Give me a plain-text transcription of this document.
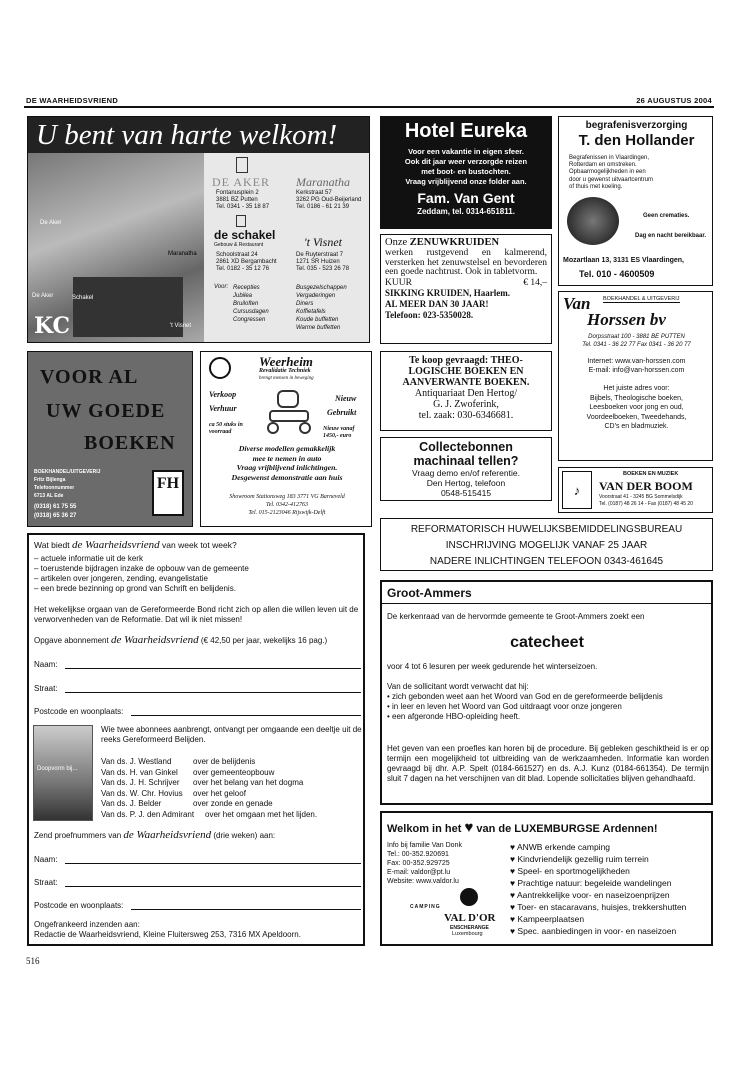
DE WAARHEIDSVRIEND	26 AUGUSTUS 2004
U bent van harte welkom!
De Aker
De Aker
Maranatha
Schakel
't Visnet
KC
DE AKER
Fontanusplein 2
3881 BZ Putten
Tel. 0341 - 35 18 87
Maranatha
Kerkstraat 57
3262 PG Oud-Beijerland
Tel. 0186 - 61 21 39
de schakel
Gebouw & Restaurant
Schoolstraat 24
2861 XD Bergambacht
Tel. 0182 - 35 12 76
't Visnet
De Ruyterstraat 7
1271 SR Huizen
Tel. 035 - 523 26 78
Voor: Recepties
Jubilea
Bruiloften
Cursusdagen
Congressen
Busgezelschappen
Vergaderingen
Diners
Koffietafels
Koude buffetten
Warme buffetten
Hotel Eureka
Voor een vakantie in eigen sfeer.
Ook dit jaar weer verzorgde reizen
met boot- en bustochten.
Vraag vrijblijvend onze folder aan.
Fam. Van Gent
Zeddam, tel. 0314-651811.
begrafenisverzorging
T. den Hollander
Begrafenissen in Vlaardingen,
Rotterdam en omstreken.
Opbaarmogelijkheden in een
door u gewenst uitvaartcentrum
of thuis met koeling.
Geen crematies.
Dag en nacht bereikbaar.
Mozartlaan 13, 3131 ES Vlaardingen,
Tel. 010 - 4600509
Onze ZENUWKRUIDEN
werken rustgevend en kalmerend, versterken het zenuwstelsel en bevorderen een goede nachtrust. Ook in tabletvorm.
KUUR	€ 14,–
SIKKING KRUIDEN, Haarlem.
AL MEER DAN 30 JAAR!
Telefoon: 023-5350028.
Van BOEKHANDEL & UITGEVERIJ
Horssen bv
Dorpsstraat 100 - 3881 BE PUTTEN
Tel. 0341 - 36 22 77 Fax 0341 - 36 20 77
Internet: www.van-horssen.com
E-mail: info@van-horssen.com
Het juiste adres voor:
Bijbels, Theologische boeken,
Leesboeken voor jong en oud,
Voordeelboeken, Tweedehands,
CD's en bladmuziek.
VOOR AL
UW GOEDE
BOEKEN
BOEKHANDEL/UITGEVERIJ
Fritz Bijlenga
Telefoonnummer
6713 AL Ede
(0318) 61 75 55
(0318) 65 36 27
FH
Weerheim
Revalidatie Techniek
brengt mensen in beweging
Verkoop
Verhuur
Nieuw
Gebruikt
ca 50 stuks in voorraad	Nieuw vanaf 1450,- euro
Diverse modellen gemakkelijk
mee te nemen in auto
Vraag vrijblijvend inlichtingen.
Desgewenst demonstratie aan huis
Showroom Stationsweg 183 3771 VG Barneveld
Tel. 0342-412763
Tel. 015-2123046 Rijswijk-Delft
Te koop gevraagd: THEO-
LOGISCHE BOEKEN EN
AANVERWANTE BOEKEN.
Antiquariaat Den Hertog/
G. J. Zwoferink,
tel. zaak: 030-6346681.
Collectebonnen
machinaal tellen?
Vraag demo en/of referentie.
Den Hertog, telefoon
0548-515415	♪
BOEKEN EN MUZIEK
VAN DER BOOM
Voorstraat 41 - 3245 BG Sommelsdijk
Tel. (0187) 48 26 14 - Fax (0187) 48 45 20
REFORMATORISCH HUWELIJKSBEMIDDELINGSBUREAU
INSCHRIJVING MOGELIJK VANAF 25 JAAR
NADERE INLICHTINGEN TELEFOON 0343-461645
Wat biedt de Waarheidsvriend van week tot week?
– actuele informatie uit de kerk
– toerustende bijdragen inzake de opbouw van de gemeente
– artikelen over jongeren, zending, evangelistatie
– een brede bezinning op grond van Schrift en belijdenis.
Het wekelijkse orgaan van de Gereformeerde Bond richt zich op allen die willen leven uit de verworvenheden van de Reformatie. Dat wil ik niet missen!
Opgave abonnement de Waarheidsvriend (€ 42,50 per jaar, wekelijks 16 pag.)
Naam:
Straat:
Postcode en woonplaats:
Doopvorm bij...
Wie twee abonnees aanbrengt, ontvangt per omgaande een deeltje uit de reeks Gereformeerd Belijden.
Van ds. J. Westland	over de belijdenis
Van ds. H. van Ginkel	over gemeenteopbouw
Van ds. J. H. Schrijver	over het belang van het dogma
Van ds. W. Chr. Hovius	over het geloof
Van ds. J. Belder	over zonde en genade
Van ds. P. J. den Admirant	over het omgaan met het lijden.
Zend proefnummers van de Waarheidsvriend (drie weken) aan:
Naam:
Straat:
Postcode en woonplaats:
Ongefrankeerd inzenden aan:
Redactie de Waarheidsvriend, Kleine Fluitersweg 253, 7316 MX Apeldoorn.
Groot-Ammers
De kerkenraad van de hervormde gemeente te Groot-Ammers zoekt een
catecheet
voor 4 tot 6 lesuren per week gedurende het winterseizoen.
Van de sollicitant wordt verwacht dat hij:
• zich gebonden weet aan het Woord van God en de gereformeerde belijdenis
• in leer en leven het Woord van God uitdraagt voor onze jongeren
• een afgeronde HBO-opleiding heeft.
Het geven van een proefles kan horen bij de procedure. Bij gebleken geschiktheid is er op termijn een mogelijkheid tot uitbreiding van de werkzaamheden. Informatie kan worden gevraagd bij dhr. A.P. Spelt (0184-661527) en ds. A.J. Kunz (0184-661354). De termijn sluit 7 dagen na het verschijnen van dit blad. Lopende sollicitaties blijven gehandhaafd.
Welkom in het ♥ van de LUXEMBURGSE Ardennen!
Info bij familie Van Donk
Tel.: 00-352.920691
Fax: 00-352.929725
E-mail: valdor@pt.lu
Website: www.valdor.lu
CAMPING
VAL D'OR
ENSCHERANGE
Luxembourg
♥ ANWB erkende camping
♥ Kindvriendelijk gezellig ruim terrein
♥ Speel- en sportmogelijkheden
♥ Prachtige natuur: begeleide wandelingen
♥ Aantrekkelijke voor- en naseizoenprijzen
♥ Toer- en stacaravans, huisjes, trekkershutten
♥ Kampeerplaatsen
♥ Spec. aanbiedingen in voor- en naseizoen
516
